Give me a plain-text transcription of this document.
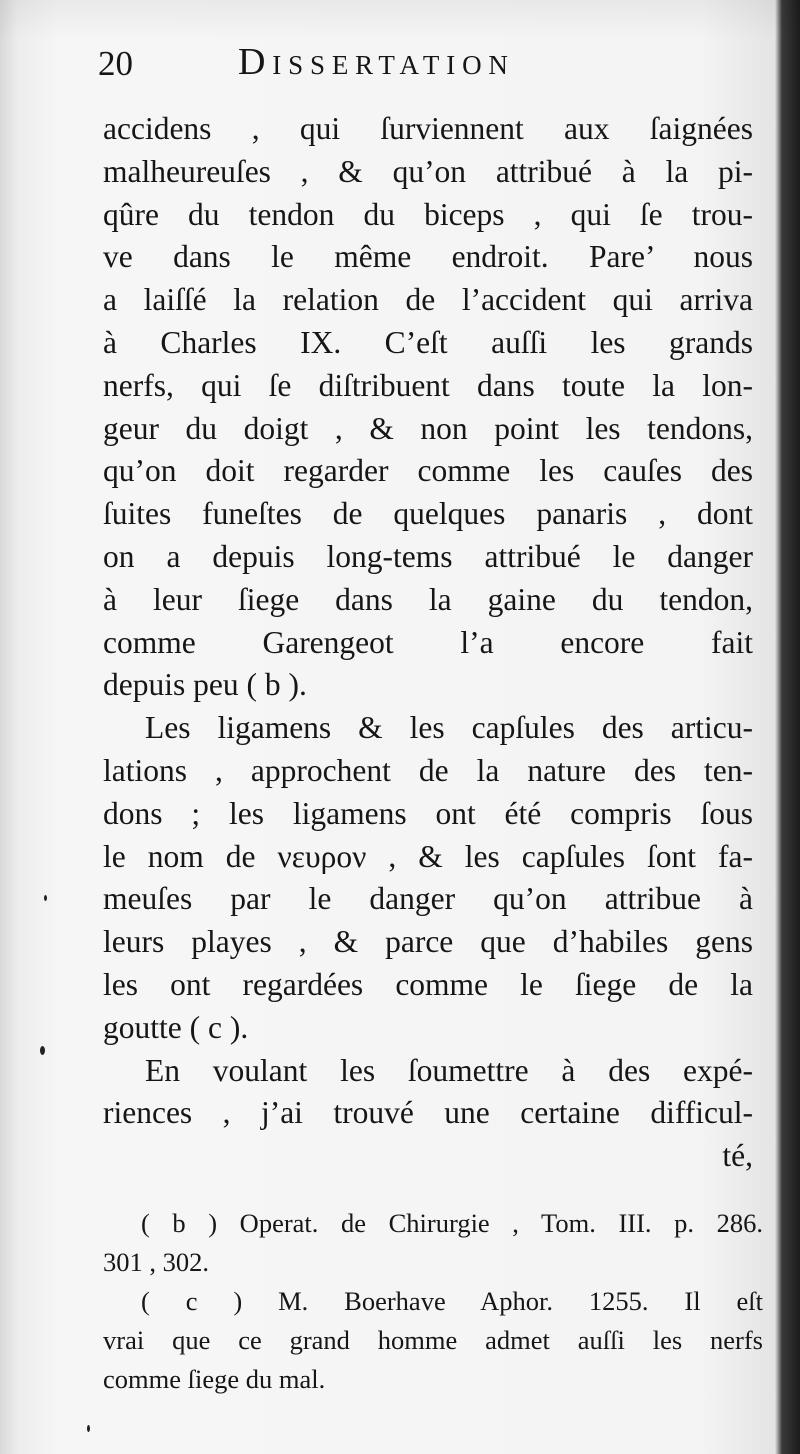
20	Dissertation
accidens , qui ſurviennent aux ſaignées
malheureuſes , & qu’on attribué à la pi-
qûre du tendon du biceps , qui ſe trou-
ve dans le même endroit. Pare’ nous
a laiſſé la relation de l’accident qui arriva
à Charles IX. C’eſt auſſi les grands
nerfs, qui ſe diſtribuent dans toute la lon-
geur du doigt , & non point les tendons,
qu’on doit regarder comme les cauſes des
ſuites funeſtes de quelques panaris , dont
on a depuis long-tems attribué le danger
à leur ſiege dans la gaine du tendon,
comme Garengeot l’a encore fait
depuis peu ( b ).
Les ligamens & les capſules des articu-
lations , approchent de la nature des ten-
dons ; les ligamens ont été compris ſous
le nom de νευρον , & les capſules ſont fa-
meuſes par le danger qu’on attribue à
leurs playes , & parce que d’habiles gens
les ont regardées comme le ſiege de la
goutte ( c ).
En voulant les ſoumettre à des expé-
riences , j’ai trouvé une certaine difficul-
té,
( b ) Operat. de Chirurgie , Tom. III. p. 286.
301 , 302.
( c ) M. Boerhave Aphor. 1255. Il eſt
vrai que ce grand homme admet auſſi les nerfs
comme ſiege du mal.
